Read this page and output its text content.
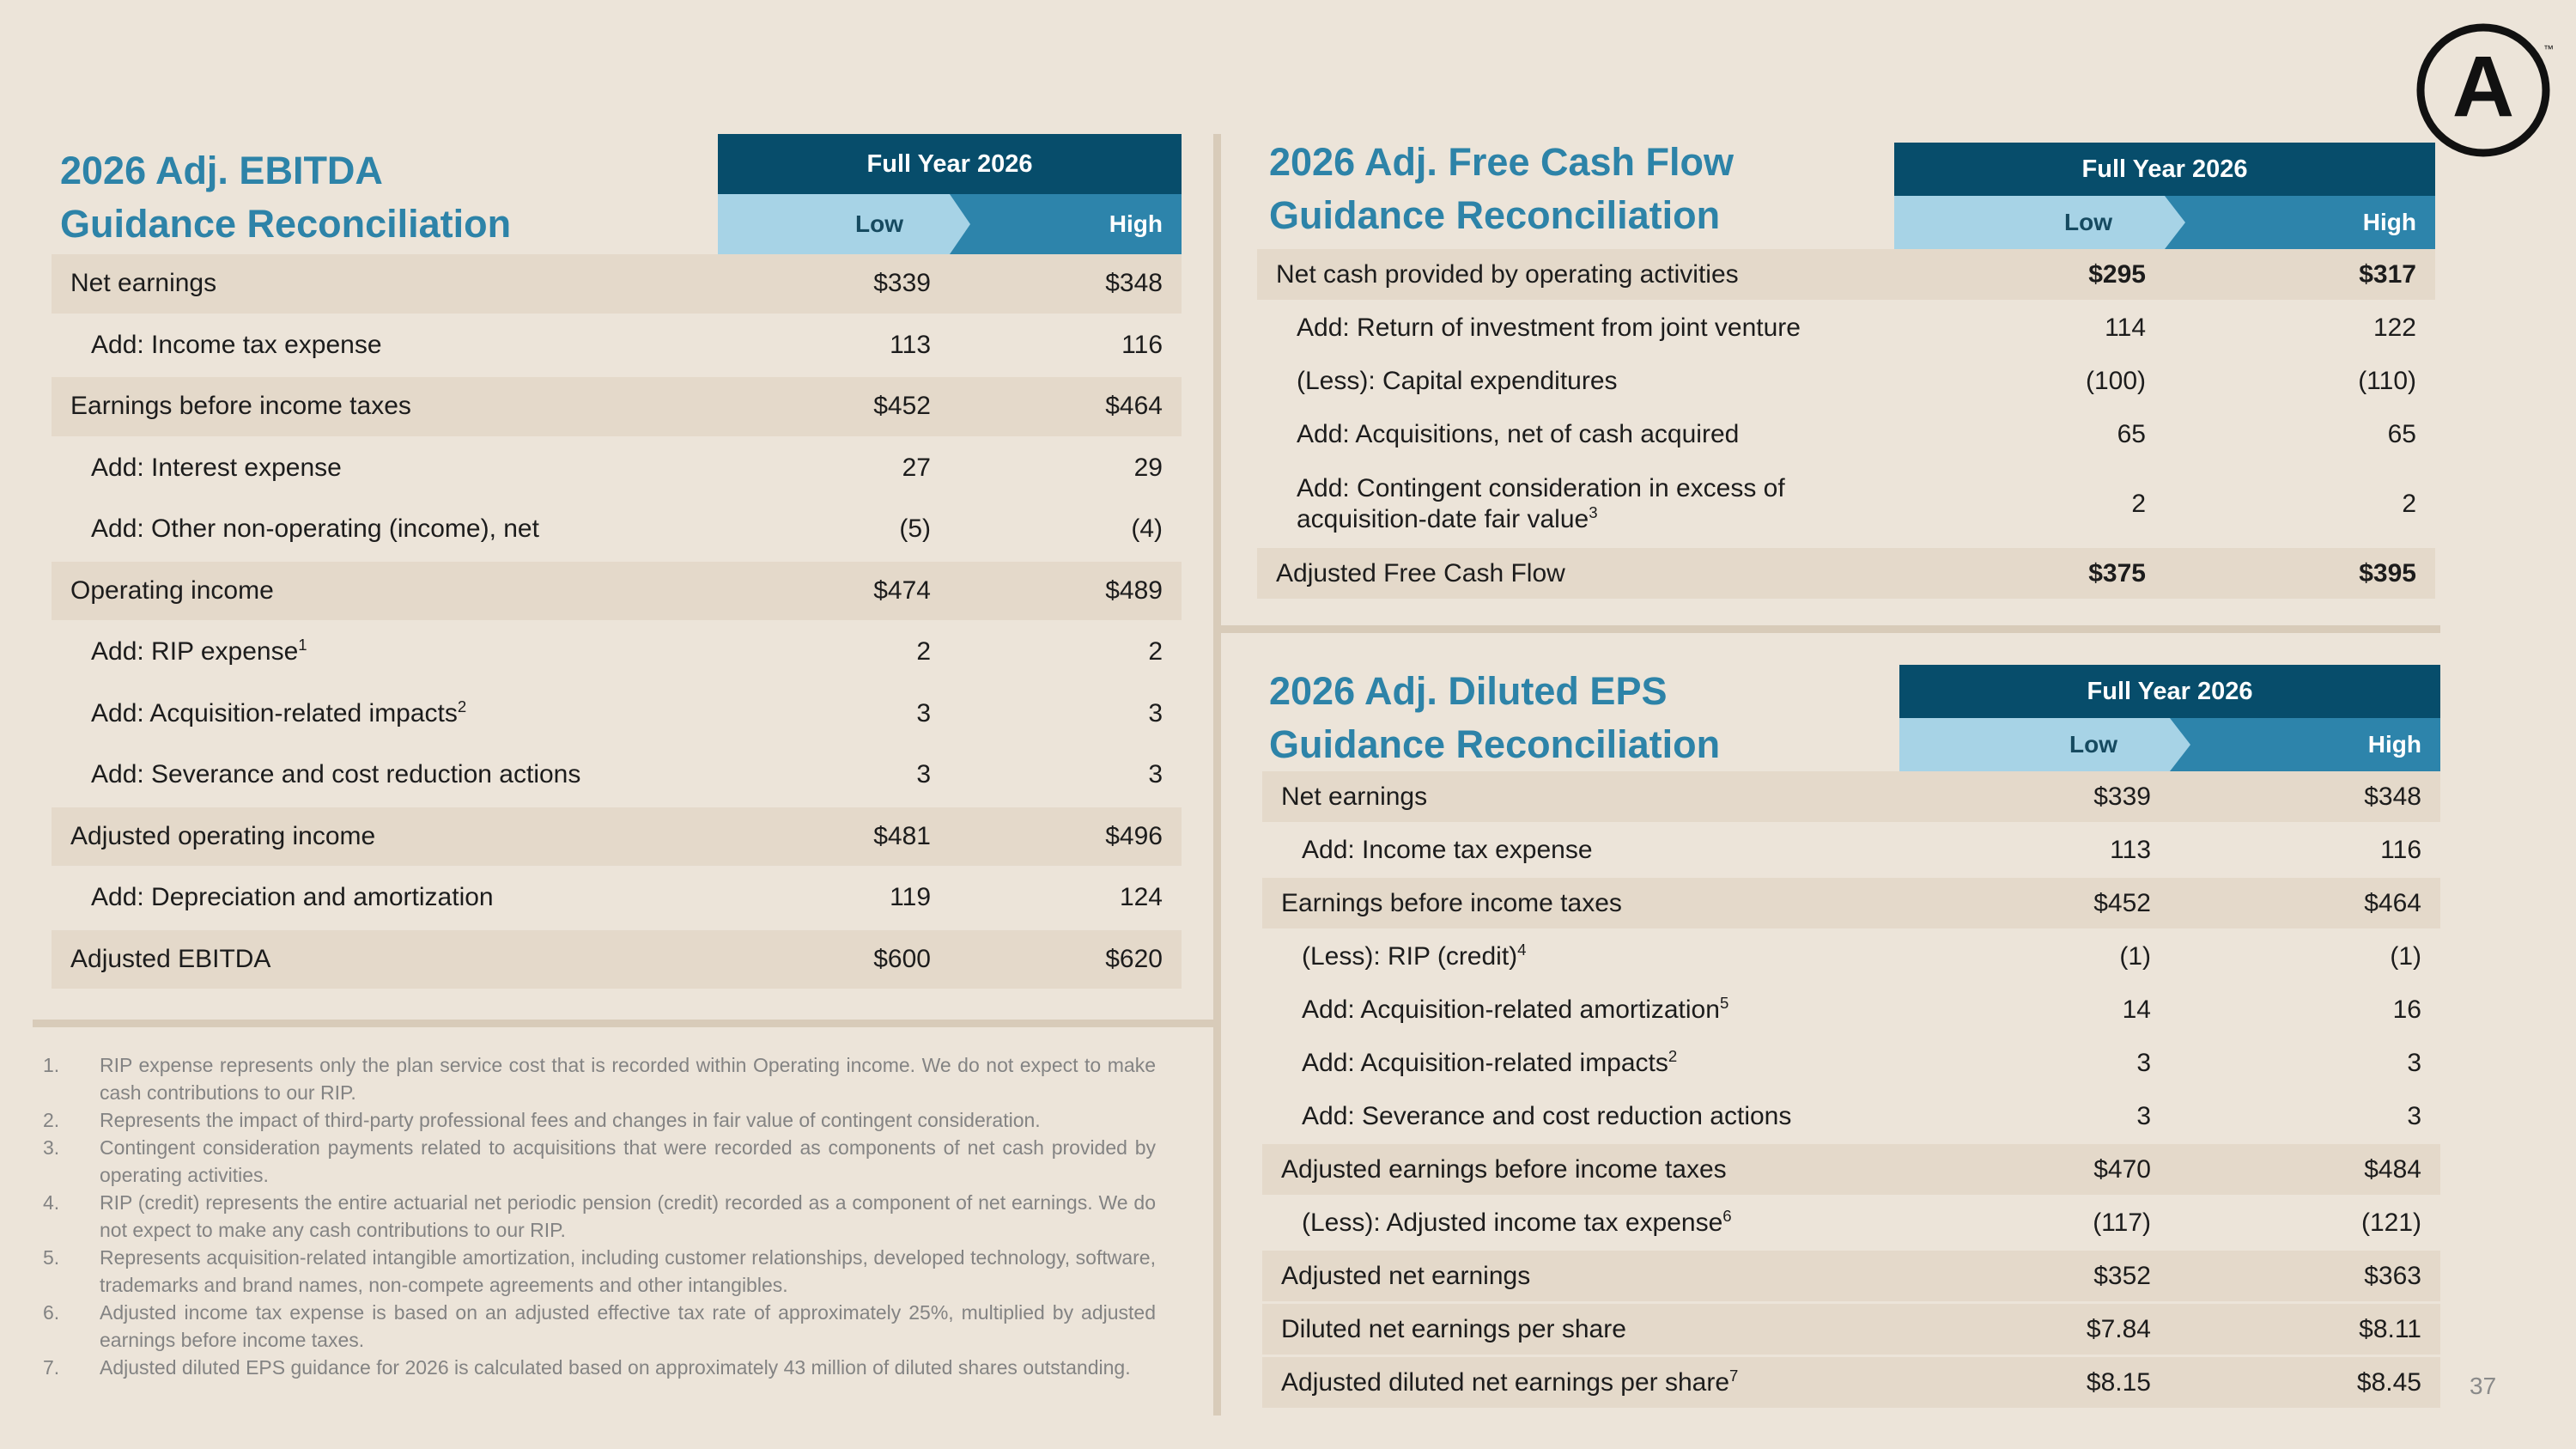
A	™

2026 Adj. EBITDA

Guidance Reconciliation

Full Year 2026
Low	High
Net earnings	$339	$348
Add: Income tax expense	113	116
Earnings before income taxes	$452	$464
Add: Interest expense	27	29
Add: Other non-operating (income), net	(5)	(4)
Operating income	$474	$489
Add: RIP expense$^1$	2	2
Add: Acquisition-related impacts$^2$	3	3
Add: Severance and cost reduction actions	3	3
Adjusted operating income	$481	$496
Add: Depreciation and amortization	119	124
Adjusted EBITDA	$600	$620
1.	RIP expense represents only the plan service cost that is recorded within Operating income. We do not expect to make cash contributions to our RIP.
2.	Represents the impact of third-party professional fees and changes in fair value of contingent consideration.
3.	Contingent consideration payments related to acquisitions that were recorded as components of net cash provided by operating activities.
4.	RIP (credit) represents the entire actuarial net periodic pension (credit) recorded as a component of net earnings. We do not expect to make any cash contributions to our RIP.
5.	Represents acquisition-related intangible amortization, including customer relationships, developed technology, software, trademarks and brand names, non-compete agreements and other intangibles.
6.	Adjusted income tax expense is based on an adjusted effective tax rate of approximately 25%, multiplied by adjusted earnings before income taxes.
7.	Adjusted diluted EPS guidance for 2026 is calculated based on approximately 43 million of diluted shares outstanding.

2026 Adj. Free Cash Flow

Guidance Reconciliation

Full Year 2026
Low	High
Net cash provided by operating activities	$295	$317
Add: Return of investment from joint venture	114	122
(Less): Capital expenditures	(100)	(110)
Add: Acquisitions, net of cash acquired	65	65
Add: Contingent consideration in excess of
acquisition-date fair value$^3$	2	2
Adjusted Free Cash Flow	$375	$395

2026 Adj. Diluted EPS

Guidance Reconciliation

Full Year 2026
Low	High
Net earnings	$339	$348
Add: Income tax expense	113	116
Earnings before income taxes	$452	$464
(Less): RIP (credit)$^4$	(1)	(1)
Add: Acquisition-related amortization$^5$	14	16
Add: Acquisition-related impacts$^2$	3	3
Add: Severance and cost reduction actions	3	3
Adjusted earnings before income taxes	$470	$484
(Less): Adjusted income tax expense$^6$	(117)	(121)
Adjusted net earnings	$352	$363
Diluted net earnings per share	$7.84	$8.11
Adjusted diluted net earnings per share$^7$	$8.15	$8.45	37
